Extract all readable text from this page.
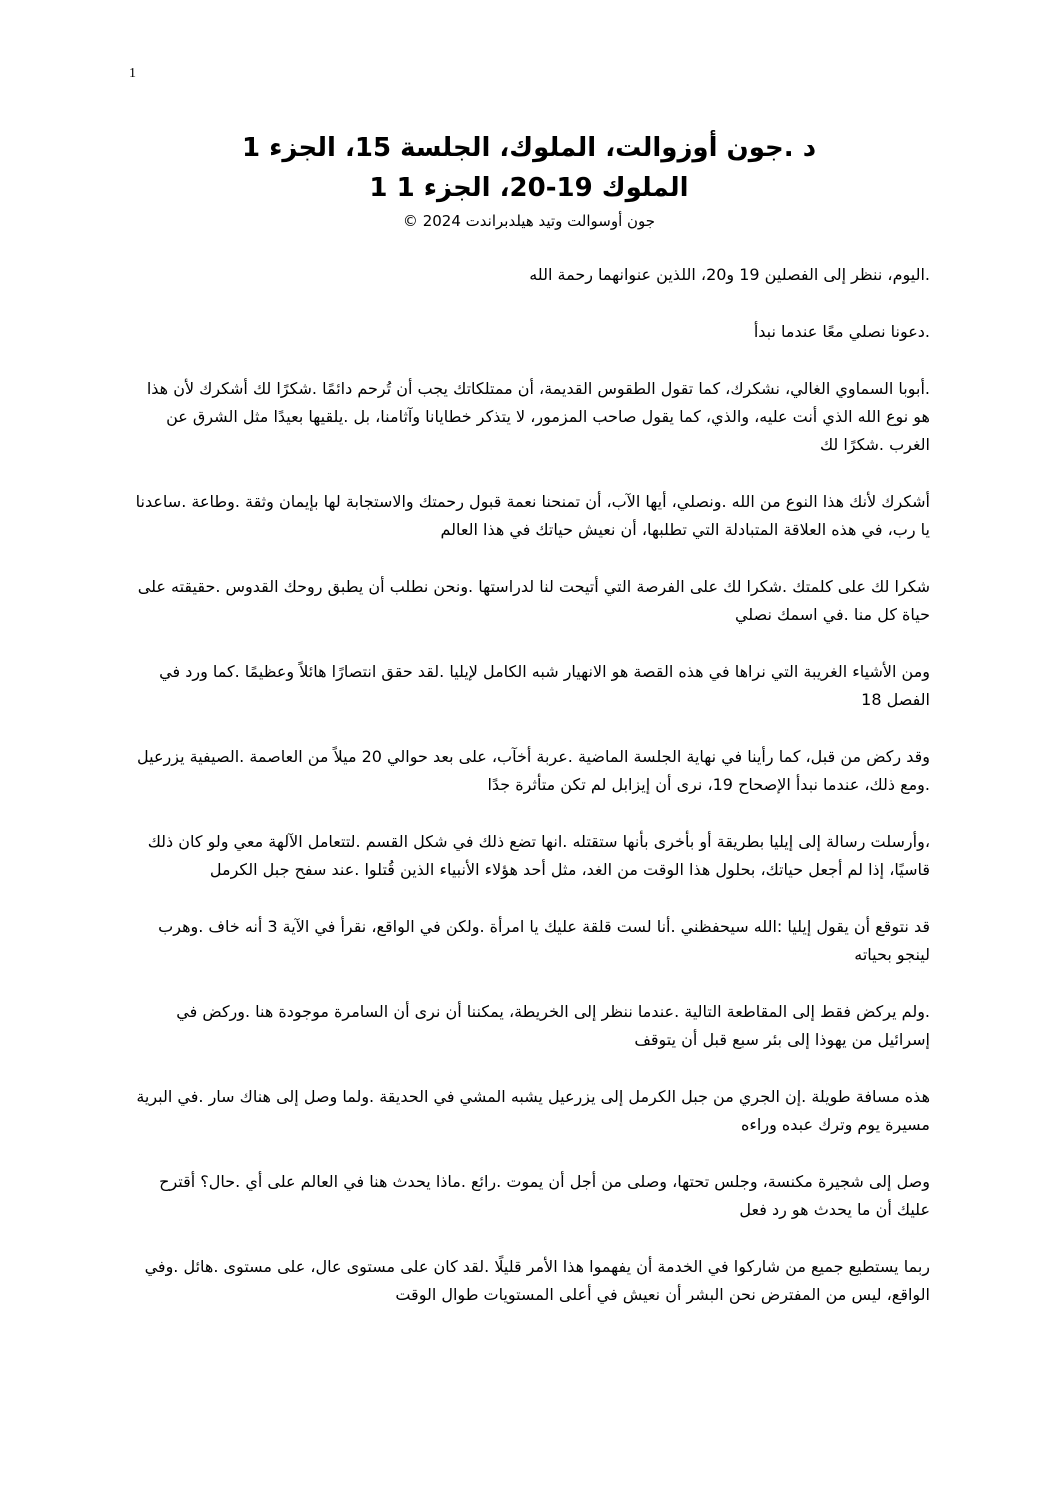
1
د .جون أوزوالت، الملوك، الجلسة 15، الجزء 1
الملوك 19-20، الجزء 1 1
جون أوسوالت وتيد هيلدبراندت 2024 ©

.اليوم، ننظر إلى الفصلين 19 و20، اللذين عنوانهما رحمة الله

.دعونا نصلي معًا عندما نبدأ

.أبوبا السماوي الغالي، نشكرك، كما تقول الطقوس القديمة، أن ممتلكاتك يجب أن تُرحم دائمًا .شكرًا لك أشكرك لأن هذا هو نوع الله الذي أنت عليه، والذي، كما يقول صاحب المزمور، لا يتذكر خطايانا وآثامنا، بل .يلقيها بعيدًا مثل الشرق عن الغرب .شكرًا لك

أشكرك لأنك هذا النوع من الله .ونصلي، أيها الآب، أن تمنحنا نعمة قبول رحمتك والاستجابة لها بإيمان وثقة .وطاعة .ساعدنا يا رب، في هذه العلاقة المتبادلة التي تطلبها، أن نعيش حياتك في هذا العالم

شكرا لك على كلمتك .شكرا لك على الفرصة التي أتيحت لنا لدراستها .ونحن نطلب أن يطبق روحك القدوس .حقيقته على حياة كل منا .في اسمك نصلي

ومن الأشياء الغريبة التي نراها في هذه القصة هو الانهيار شبه الكامل لإيليا .لقد حقق انتصارًا هائلاً وعظيمًا .كما ورد في الفصل 18

وقد ركض من قبل، كما رأينا في نهاية الجلسة الماضية .عربة أخآب، على بعد حوالي 20 ميلاً من العاصمة .الصيفية يزرعيل .ومع ذلك، عندما نبدأ الإصحاح 19، نرى أن إيزابل لم تكن متأثرة جدًا

،وأرسلت رسالة إلى إيليا بطريقة أو بأخرى بأنها ستقتله .انها تضع ذلك في شكل القسم .لتتعامل الآلهة معي ولو كان ذلك قاسيًا، إذا لم أجعل حياتك، بحلول هذا الوقت من الغد، مثل أحد هؤلاء الأنبياء الذين قُتلوا .عند سفح جبل الكرمل

قد نتوقع أن يقول إيليا :الله سيحفظني .أنا لست قلقة عليك يا امرأة .ولكن في الواقع، نقرأ في الآية 3 أنه خاف .وهرب لينجو بحياته

.ولم يركض فقط إلى المقاطعة التالية .عندما ننظر إلى الخريطة، يمكننا أن نرى أن السامرة موجودة هنا .وركض في إسرائيل من يهوذا إلى بئر سبع قبل أن يتوقف

هذه مسافة طويلة .إن الجري من جبل الكرمل إلى يزرعيل يشبه المشي في الحديقة .ولما وصل إلى هناك سار .في البرية مسيرة يوم وترك عبده وراءه

وصل إلى شجيرة مكنسة، وجلس تحتها، وصلى من أجل أن يموت .رائع .ماذا يحدث هنا في العالم على أي .حال؟ أقترح عليك أن ما يحدث هو رد فعل

ربما يستطيع جميع من شاركوا في الخدمة أن يفهموا هذا الأمر قليلًا .لقد كان على مستوى عال، على مستوى .هائل .وفي الواقع، ليس من المفترض نحن البشر أن نعيش في أعلى المستويات طوال الوقت
